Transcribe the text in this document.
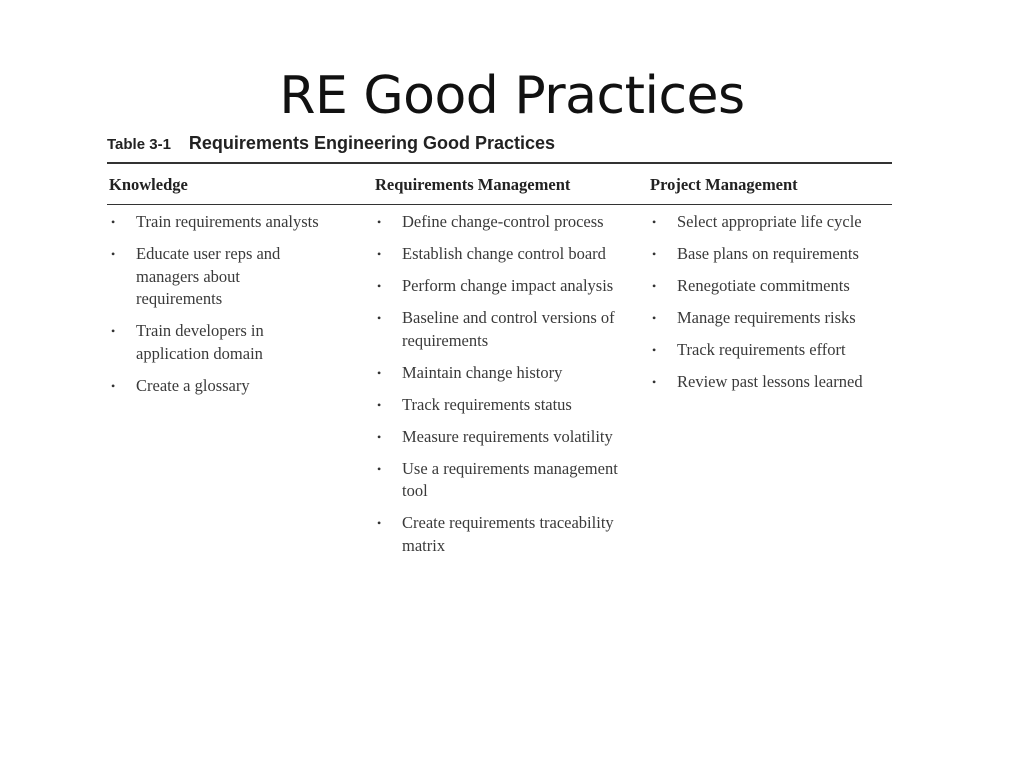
RE Good Practices
Table 3-1 Requirements Engineering Good Practices
Knowledge	Requirements Management	Project Management
• Train requirements analysts
• Educate user reps and managers about requirements
• Train developers in application domain
• Create a glossary
• Define change-control process
• Establish change control board
• Perform change impact analysis
• Baseline and control versions of requirements
• Maintain change history
• Track requirements status
• Measure requirements volatility
• Use a requirements management tool
• Create requirements traceability matrix
• Select appropriate life cycle
• Base plans on requirements
• Renegotiate commitments
• Manage requirements risks
• Track requirements effort
• Review past lessons learned
